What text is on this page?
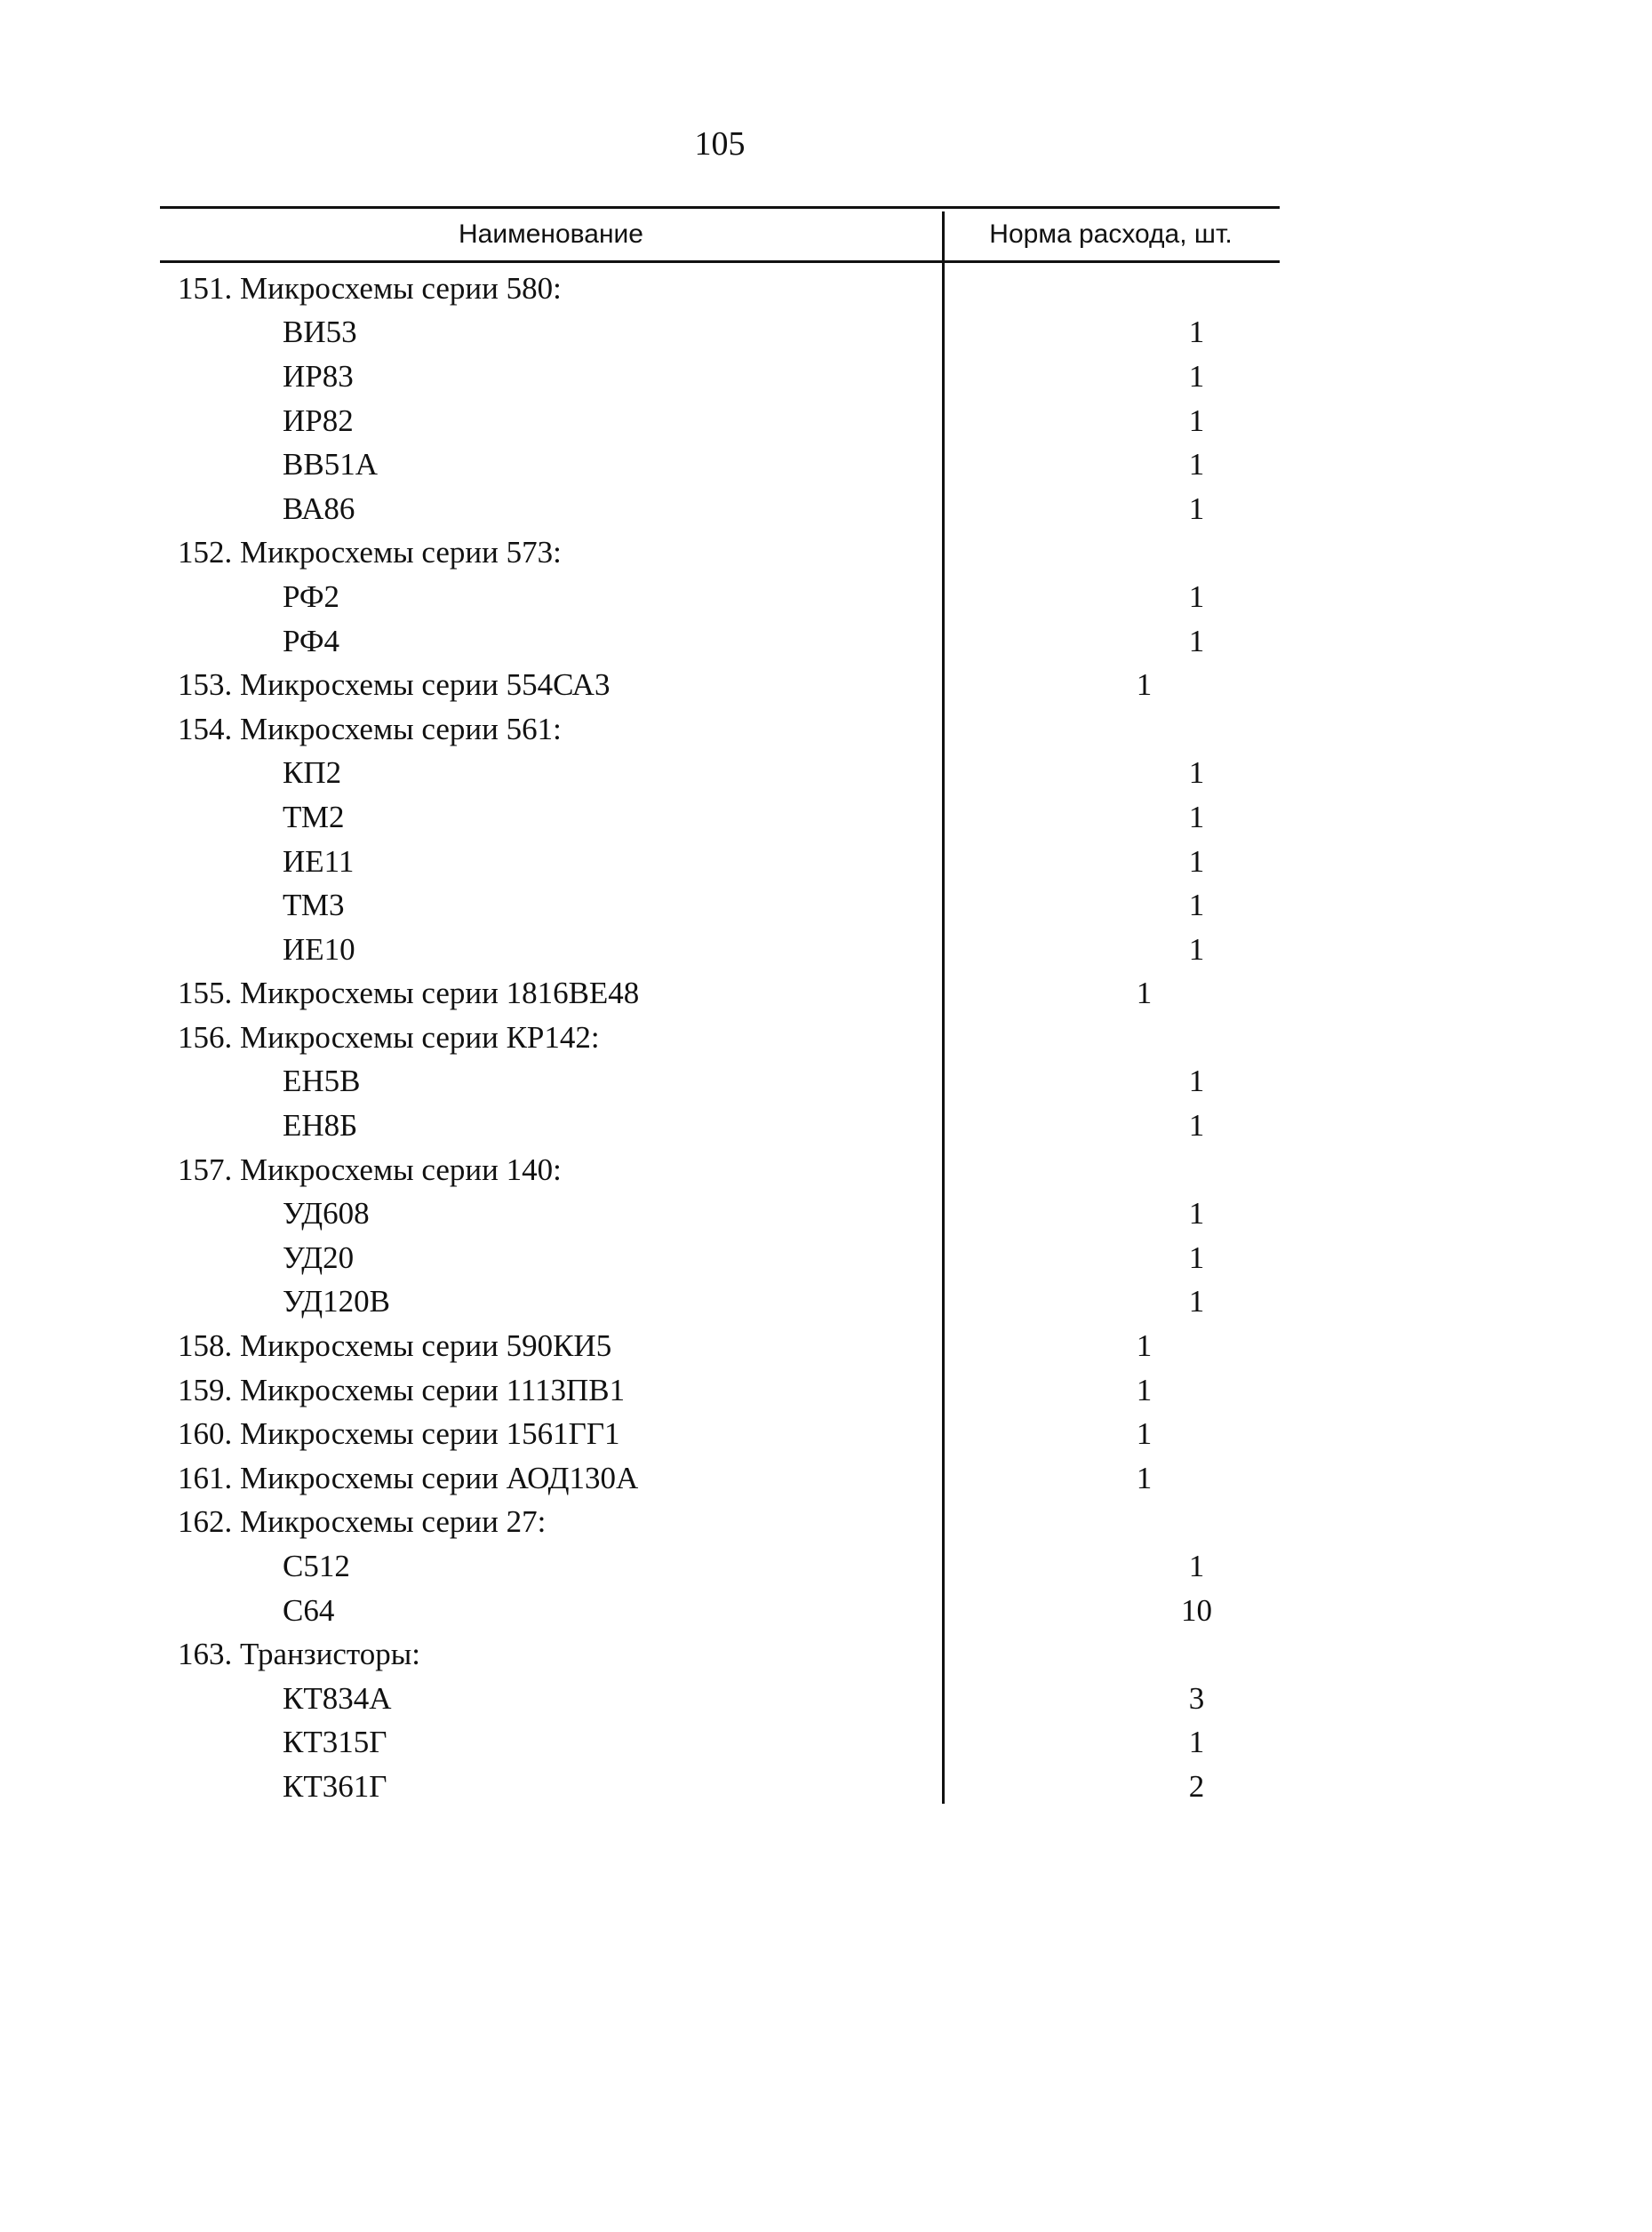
105
Наименование	Норма расхода, шт.
151. Микросхемы серии 580:
ВИ53	1
ИР83	1
ИР82	1
ВВ51А	1
ВА86	1
152. Микросхемы серии 573:
РФ2	1
РФ4	1
153. Микросхемы серии 554СА3	1
154. Микросхемы серии 561:
КП2	1
ТМ2	1
ИЕ11	1
ТМ3	1
ИЕ10	1
155. Микросхемы серии 1816ВЕ48	1
156. Микросхемы серии КР142:
ЕН5В	1
ЕН8Б	1
157. Микросхемы серии 140:
УД608	1
УД20	1
УД120В	1
158. Микросхемы серии 590КИ5	1
159. Микросхемы серии 1113ПВ1	1
160. Микросхемы серии 1561ГГ1	1
161. Микросхемы серии АОД130А	1
162. Микросхемы серии 27:
С512	1
С64	10
163. Транзисторы:
КТ834А	3
КТ315Г	1
КТ361Г	2
